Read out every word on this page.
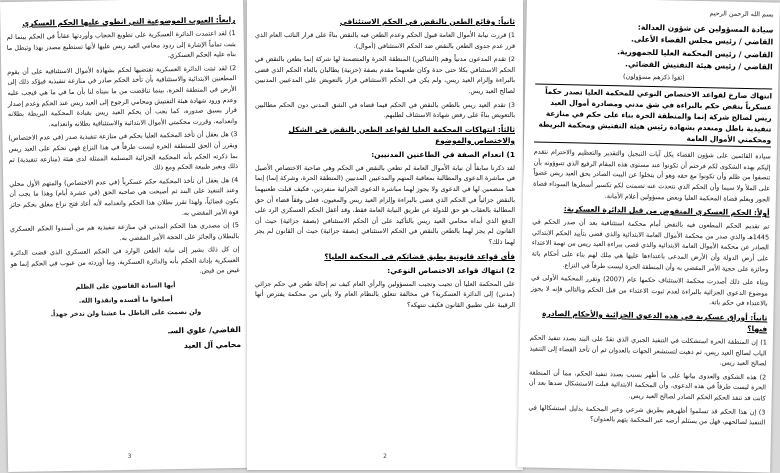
رابعاً: العيوب الموضوعية التي انطوى عليها الحكم العسكري

1) لقد اعتمدت الدائرة العسكرية على تطويع الحجاب وأوردتها عقاباً في الحكم بينما لم يثبت تماماً الإشارة إلى ردود محامي العيد ريس عليها لأنها تستطيع مصدر بهذا وتبطل ما بناه عليه الحكم العسكري.

2) لقد ثبتت الدائرة العسكرية تقتضيها لحكم بشهادة الأموال الاستئنافية على أن يقوم المطعنين الابتدائية والاستئنافية بأن تأخذ الحكم صادر في منازعة تنفيذية فيؤكد ذلك إلى الأرض في المنطقة الحرة، بينما تناقضت من ما بنيناه لنا بأن ما في ما هي فيجب عليه وعدم ورود شهادة هيئة التفتيش ومحامي الرجوع إلى العيد ريس عند الحكم وعدم إصدار قرار يسبق صدوره، كما يجب أن يحكم العيد ريس بقيادة المحكمة البريطة بطلانه وانعدامه، وقررت محكمتي الأموال الابتدائية والاستئنافية بطلانه وانعدامه.

3) هل يعقل أن تأخذ المحكمة العليا بحكم في منازعة تنفيذية صدر (في عدم الاختصاص) ويقرر أن الحق للمنطقة الحرة ليست طرفاً في هذا النزاع فهي تحكم على العيد ريس بما ذكرته الحكم بأنه المحكمة الجزائية المسلمة الممثلة لدى هيئة (منازعة تنفيذية) ثم ذلك وبغير طبيعة الحكم ومع ذلك

4) هل يعقل أن تأخذ المحكمة حكم عسكرياً (في عدم الاختصاص) والمتهم الأول محلي وعند التنفيذ على البند ثم أصبحت هي صاحبة الحق (في عشرة أيام) وهذا ما يجب أن يكون قضائياً، ولهذا تقرر بطلان هذا الحكم وانعدامه لأنه أعاد فتح نزاع مغلق بحكم حائز قوة الأمر المقضي به.

5) إن مصدري هذا الحكم المدني في منازعة تنفيذية هم من أسندوا الحكم العسكري بالبطلان والجائز على الحجة الأمر المقضي به.

إن كل ذلك يشير إلى نيابة الطعن الوارد في الحكم العسكري الذي قضت الدائرة العسكرية بإدانة الحكم بأنه والدائرة العسكرية، وما أوردته من عيوب في الحكم إنما هو غيض من فيض.

أيها السادة القاضون على الظلم

أصلحوا ما أفسده وانقذوا الله.

ولن نصمت على الباطل ما عشنا ولن ندخر جهداً.

الفاضي/ علوي السـ
محامي آل العيد
3
ثانياً: وقائع الطعن بالنقض في الحكم الاستئنافي

1) قررت نيابة الأموال العامة قبول الحكم وعدم الطعن فيه بالنقض بناءً على قرار النائب العام الذي قرر عدم جدوى الطعن بالنقض ضد الحكم الاستئنافي (أموال).

2) تقدم المدعون مدنياً وهم (الشاكين) المنطقة الحرة والمتضمنة لها شركة إنما بطعن بالنقض في الحكم الاستئنافي بكلا حتى حدة وكان طعنهما مقدم بصفة (حزبية) يطالبان بالغاء الحكم الذي قضى بالبراءة وإلزام العيد ريس، ولم يكن في الحكم الاستئنافي قرار بالتعويض على المدعيين المدنيين لصالح العيد ريس.

3) تقدم العيد ريس بالطعن بالنقض في الحكم فيما قضاه في الشق المدني دون الحكم مطالبين بالتعويض بناءً على رفض شهادة الاستئناف لطلبهم.

ثالثاً: انتهاكات المحكمة العليا لقواعد الطعن بالنقض في الشكل والاختصاص والموضوع
1) انعدام الصفة في الطاعنين المدنيين:

لقد ذكرنا سابقاً أن نيابة الأموال العامة لم تطعن بالنقض في الحكم وهي صاحبة الاختصاص الأصيل في مباشرة الدعوى والمطالبة بمعاقبة المتهم والمدعيين المدنيين (المنطقة الحرة، وشركة إنما) إنما هما منضمين لها في الدعوى ولا يجوز لهما مباشرة الدعوى الجزائية منفردين، فكيف قبلت طعنيهما بالنقض جزائياً في الحكم الذي قضى بالبراءة وإلزام العيد ريس والمعيون، فعلى وفقاً قضاء أن حق المطالبة بالعقاب هو حق للدولة عن طريق النيابة العامة فقط، وقد أغفل الحكم العسكري الرد على الدفع الذي أبداه محامي العيد ريس بالتأكيد على أن الحكم الاستئنافي (بصفة جزائية) حيث أن القانون لم يجز لهما بالطعن بالنقض في الحكم الاستئنافي (بصفة جزائية) حيث أن القانون لم يجز لهما ذلك؟

فأي قواعد قانونية يطبق قضاتكم في المحكمة العليا؟
2) انتهاك قواعد الاختصاص النوعي:

على المحكمة العليا أن تجيب وتجيب المسؤولين والرأي العام كيف تم إحالة طعن في حكم جزائي (مدني) إلى الدائرة العسكرية؟ في مخالفة تتعلق بالنظام العام ولا يأتي من محكمة يفترض أنها الرقيبة على تطبيق القانون فكيف تنتهكه؟

2
بسم الله الرحمن الرحيم
سيادة المسؤولين عن شؤون العدالة:
القاضي / رئيس مجلس القضاء الأعلى.
القاضي / رئيس المحكمة العليا للجمهورية.
القاضي / رئيس هيئة التفتيش القضائي.
(تقوا ذكرهم مسؤولون)
انتهاك صارخ لقواعد الاختصاص النوعي للمحكمة العليا تصدر حكماً عسكرياً بنقض حكم بالبراءة في شق مدني ومصادرة أموال العيد ريس لصالح شركة إنما والمنطقة الحرة بناء على حكم في منازعة تنفيذية باطل ومنعدم بشهادة رئيس هيئة التفتيش ومحكمة البريطة ومحكمتي الأموال العامة

سيادة القائمين على شؤون القضاء يكل آيات التبجيل والتقدير والتعظيم والاحترام نتقدم إليكم بهذه الشكوى لكم فرحتم أن تكونوا عند مستوى هذه المقام الرفيع الذي تتبوؤونه بأن تنصفوا من ظلم وأن تكونوا مع حقه وهو أن يتخلوا عن البيت الصادر بحق العيد ريس عضواً على الملأ ولا سيما وأن الحكم الذي نتحدث عنه تضمنت لكم تكسير أسطرها السوداء قضاة الجور ويعلم قضاة المحكمة العليا وبعض مسؤولين أعلام الأمانة.

أولاً: الحكم العسكري المنقوض من قبل الدائرة العسكرية:

تم تقديم الحكم المطعون فيه بالنقض أمام محكمة استئنافية بعد أن صدر الحكم في 1445هـ والذي صدر من محكمة الأموال العامة الابتدائية والذي قضى بتأييد الحكم الابتدائي الصادر عن محكمة الأموال العامة الابتدائية والذي قضى ببراءة العيد ريس من تهمة الاعتداء على أرض الدولة وأن الأرض المدعى باعتداءها عليها هي ملك لهم بناء على أحكام باتة وحائزة على حجية الأمر المقضي به وأن المنطقة الحرة ليست طرفاً في النزاع.

وبناء على ذلك أصدرت محكمة الاستئناف حكمها عام (2007) وتقرر المحكمة الأولى في موضوع الدعوى الجزائية بالبراءة لعدم ثبوت الاعتداء من قبل الحكم وبالتالي فإنه لا يجوز بالاعتداء في حكم باتة.

ثانياً: أوراق عسكرية في هذه الدعوى الجزائية والأحكام الصادرة فيها؟

1) إن المنطقة الحرة استشكلت في التنفيذ الجبري الذي تقدّ على البند بصدد تنفيذ الحكم الباب لصالح العيد ريس، ثم ذهبت لتستشعر الجهات بالعدوان ثم أن تأخذ القضاء إلى التنفيذ لصالح العيد ريس.

2) هذه الشكوى والعدوى بيانها على ما أظهر بسبب بصدد تنفيذ الحكم، مما أن المنطقة الحرة ليست طرفاً في هذه الدعوى، وأن المحكمة الابتدائية قبلت الاستشكال ضدها بعد أن كانت قد تنفذ الحكم الحكم الصادر لصالح العيد ريس.

3) إن هذا الحكم قد تسلموا أظهرهم بطريق شرعي وعبر المحكمة بدليل استشكالها في التنفيذ لصالحهم، فهل من يستلم أرضه عبر المحكمة يتهم بالعدوان؟
